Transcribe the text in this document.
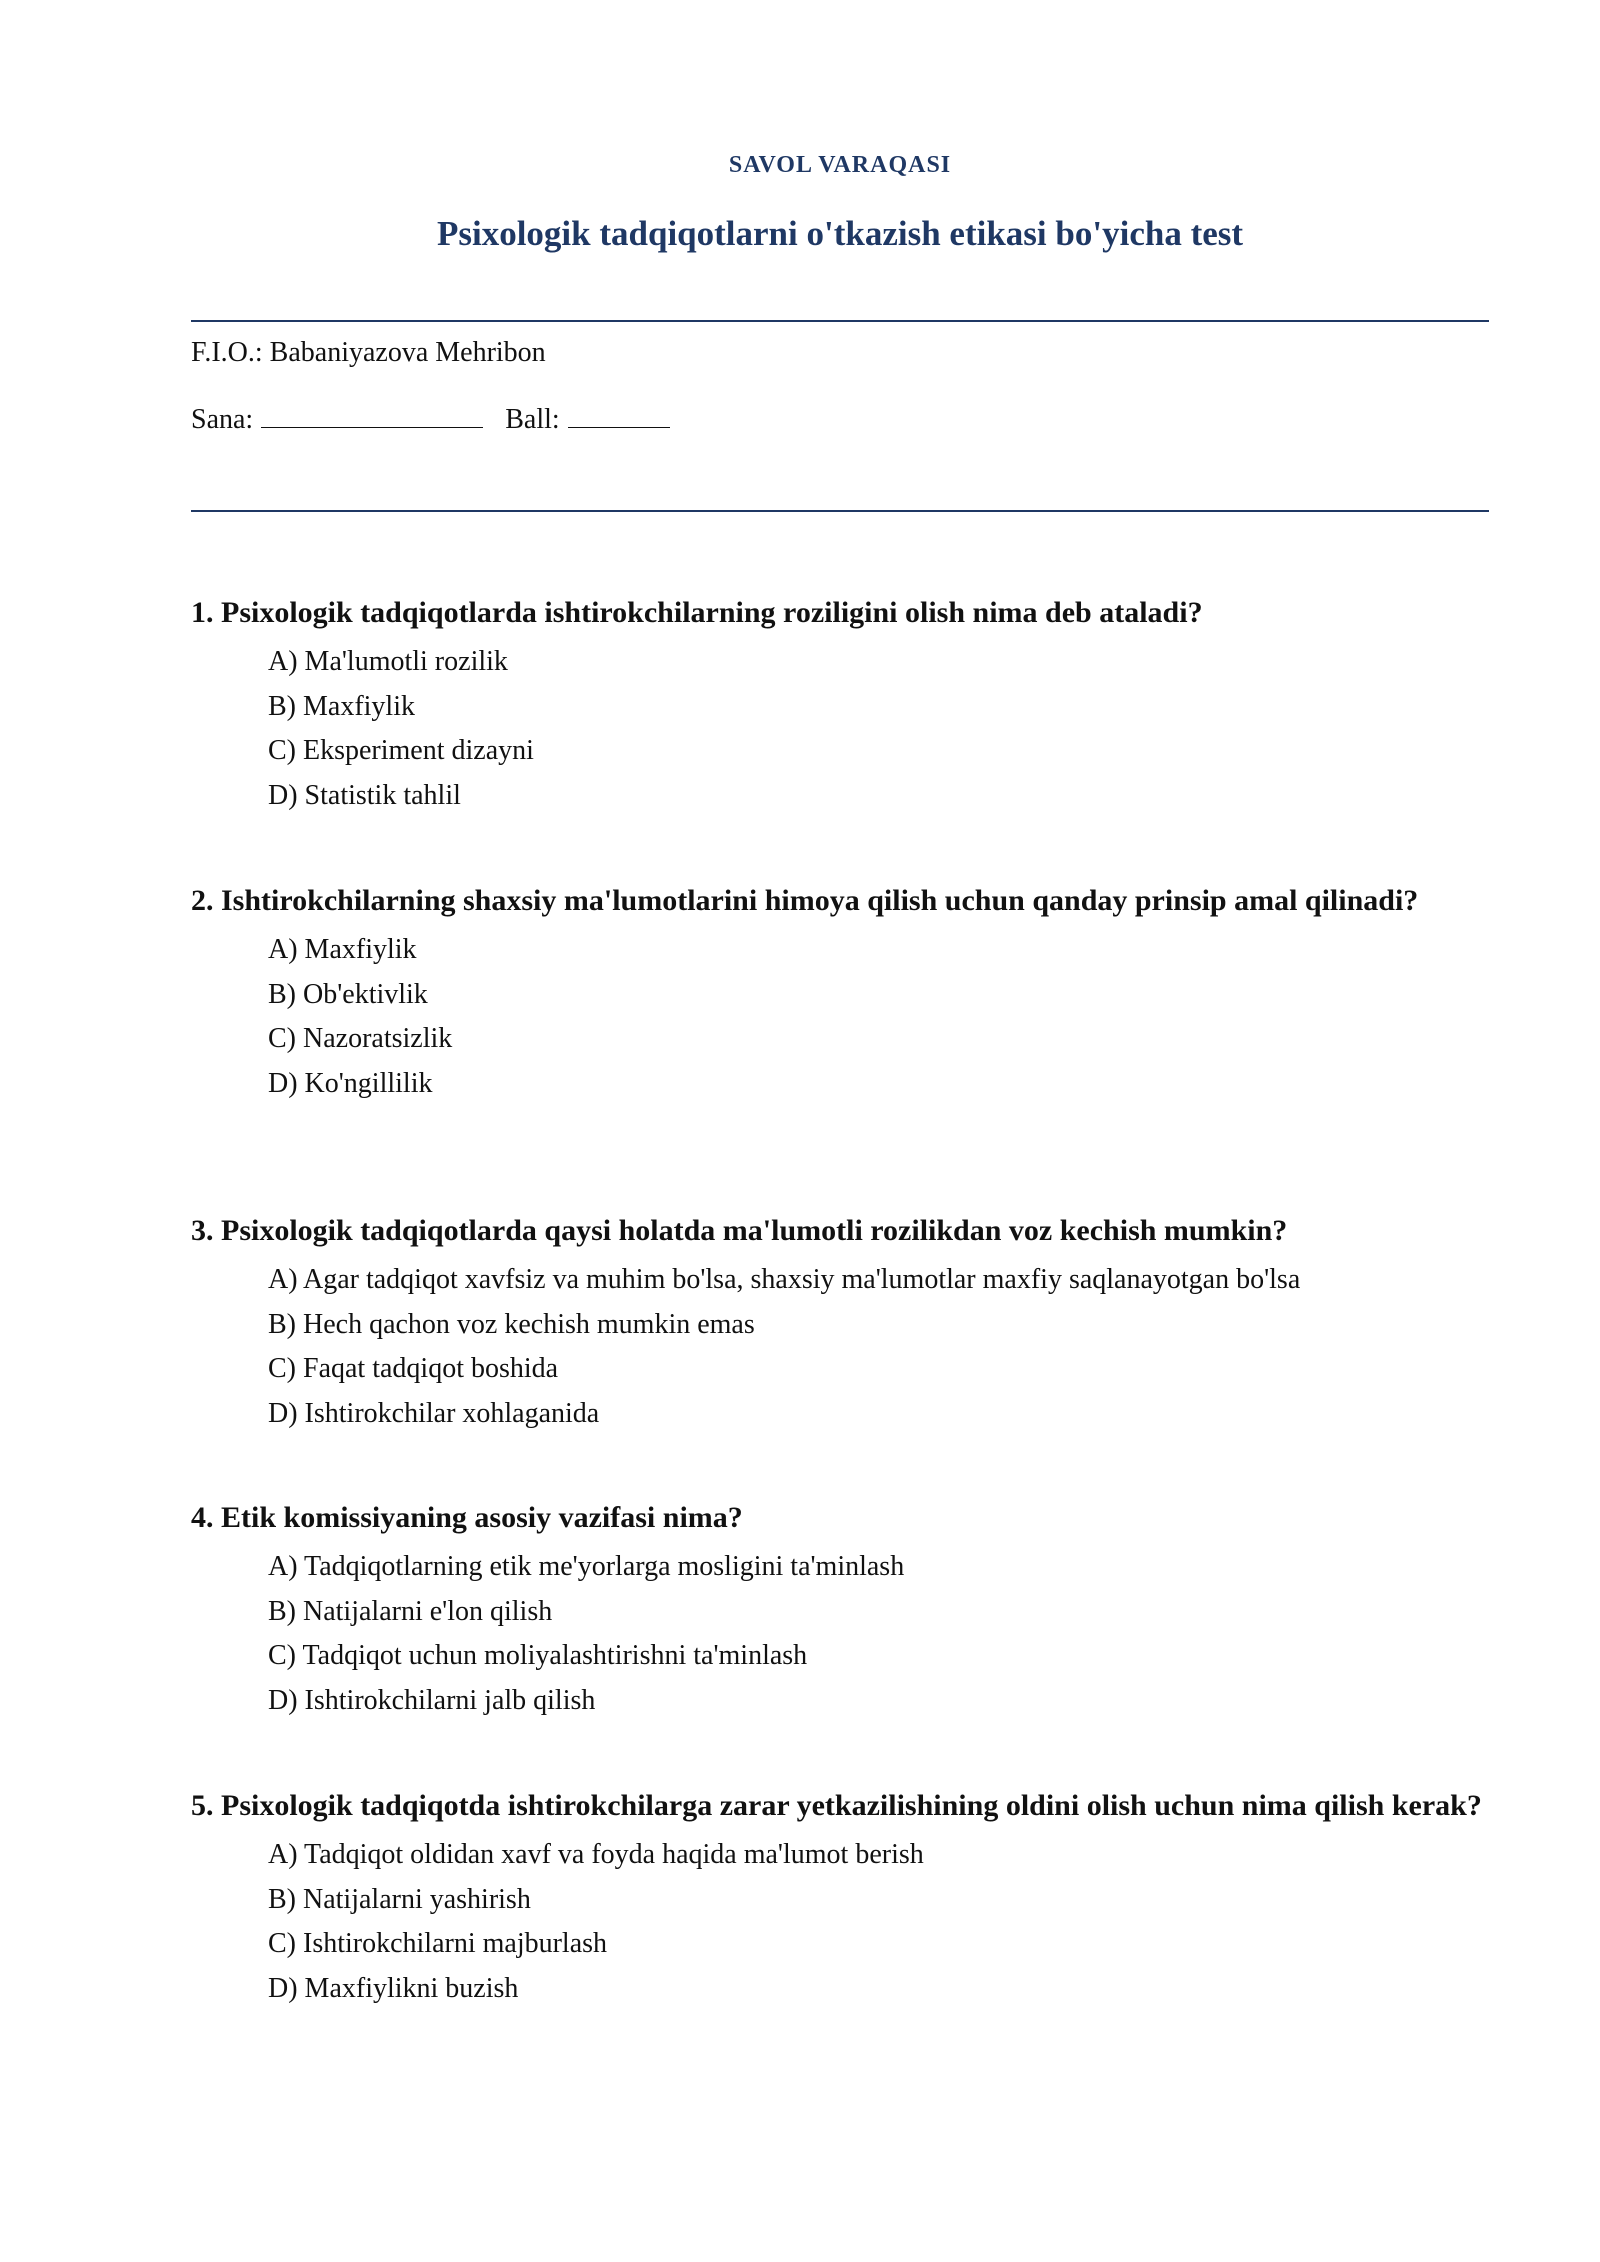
SAVOL VARAQASI
Psixologik tadqiqotlarni o'tkazish etikasi bo'yicha test
F.I.O.: Babaniyazova Mehribon
Sana:	Ball:

1. Psixologik tadqiqotlarda ishtirokchilarning roziligini olish nima deb ataladi?

A) Ma'lumotli rozilik
B) Maxfiylik
C) Eksperiment dizayni
D) Statistik tahlil

2. Ishtirokchilarning shaxsiy ma'lumotlarini himoya qilish uchun qanday prinsip amal qilinadi?

A) Maxfiylik
B) Ob'ektivlik
C) Nazoratsizlik
D) Ko'ngillilik

3. Psixologik tadqiqotlarda qaysi holatda ma'lumotli rozilikdan voz kechish mumkin?

A) Agar tadqiqot xavfsiz va muhim bo'lsa, shaxsiy ma'lumotlar maxfiy saqlanayotgan bo'lsa
B) Hech qachon voz kechish mumkin emas
C) Faqat tadqiqot boshida
D) Ishtirokchilar xohlaganida

4. Etik komissiyaning asosiy vazifasi nima?

A) Tadqiqotlarning etik me'yorlarga mosligini ta'minlash
B) Natijalarni e'lon qilish
C) Tadqiqot uchun moliyalashtirishni ta'minlash
D) Ishtirokchilarni jalb qilish

5. Psixologik tadqiqotda ishtirokchilarga zarar yetkazilishining oldini olish uchun nima qilish kerak?

A) Tadqiqot oldidan xavf va foyda haqida ma'lumot berish
B) Natijalarni yashirish
C) Ishtirokchilarni majburlash
D) Maxfiylikni buzish
